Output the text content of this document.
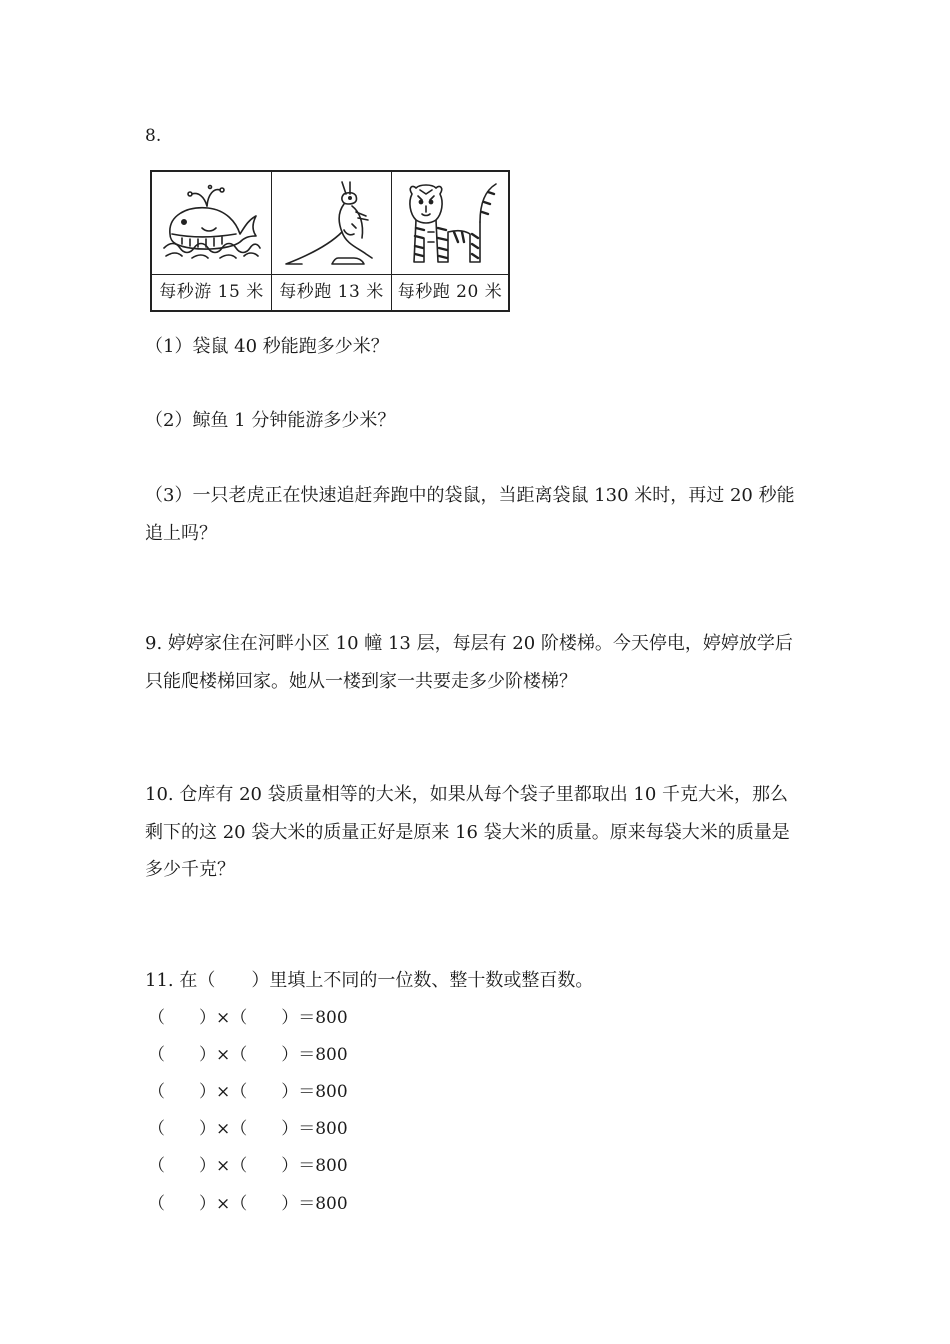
8.
每秒游 15 米 每秒跑 13 米 每秒跑 20 米
（1）袋鼠 40 秒能跑多少米？
（2）鲸鱼 1 分钟能游多少米？
（3）一只老虎正在快速追赶奔跑中的袋鼠，当距离袋鼠 130 米时，再过 20 秒能
追上吗？
9. 婷婷家住在河畔小区 10 幢 13 层，每层有 20 阶楼梯。今天停电，婷婷放学后
只能爬楼梯回家。她从一楼到家一共要走多少阶楼梯？
10. 仓库有 20 袋质量相等的大米，如果从每个袋子里都取出 10 千克大米，那么
剩下的这 20 袋大米的质量正好是原来 16 袋大米的质量。原来每袋大米的质量是
多少千克？
11. 在（　　）里填上不同的一位数、整十数或整百数。
（　　）×（　　）＝800
（　　）×（　　）＝800
（　　）×（　　）＝800
（　　）×（　　）＝800
（　　）×（　　）＝800
（　　）×（　　）＝800
